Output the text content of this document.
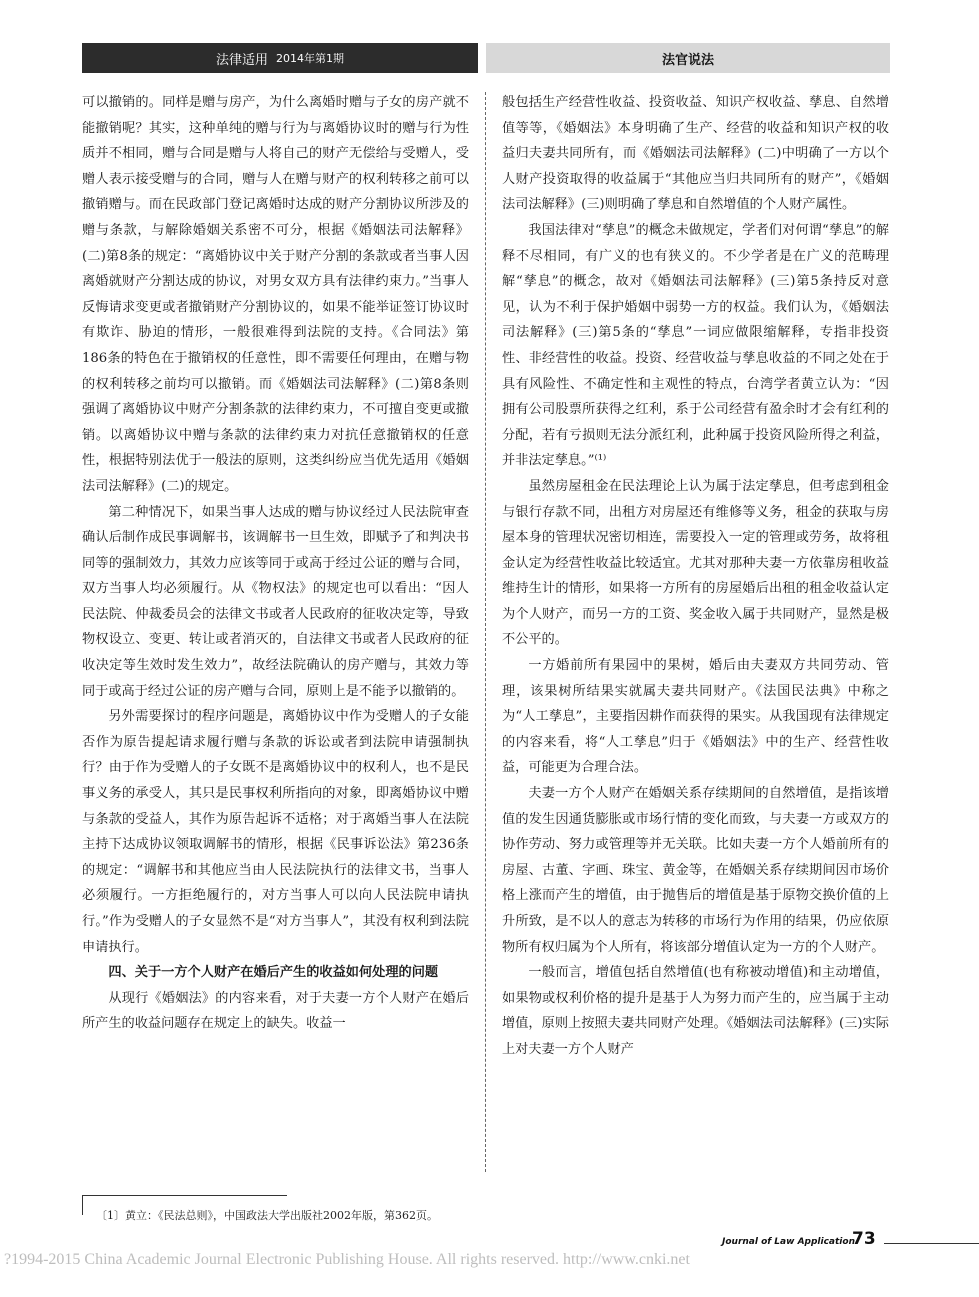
法律适用 2014年第1期	法官说法

可以撤销的。同样是赠与房产，为什么离婚时赠与子女的房产就不能撤销呢？其实，这种单纯的赠与行为与离婚协议时的赠与行为性质并不相同，赠与合同是赠与人将自己的财产无偿给与受赠人，受赠人表示接受赠与的合同，赠与人在赠与财产的权利转移之前可以撤销赠与。而在民政部门登记离婚时达成的财产分割协议所涉及的赠与条款，与解除婚姻关系密不可分，根据《婚姻法司法解释》(二)第8条的规定：“离婚协议中关于财产分割的条款或者当事人因离婚就财产分割达成的协议，对男女双方具有法律约束力。”当事人反悔请求变更或者撤销财产分割协议的，如果不能举证签订协议时有欺诈、胁迫的情形，一般很难得到法院的支持。《合同法》第186条的特色在于撤销权的任意性，即不需要任何理由，在赠与物的权利转移之前均可以撤销。而《婚姻法司法解释》(二)第8条则强调了离婚协议中财产分割条款的法律约束力，不可擅自变更或撤销。以离婚协议中赠与条款的法律约束力对抗任意撤销权的任意性，根据特别法优于一般法的原则，这类纠纷应当优先适用《婚姻法司法解释》(二)的规定。

第二种情况下，如果当事人达成的赠与协议经过人民法院审查确认后制作成民事调解书，该调解书一旦生效，即赋予了和判决书同等的强制效力，其效力应该等同于或高于经过公证的赠与合同，双方当事人均必须履行。从《物权法》的规定也可以看出：“因人民法院、仲裁委员会的法律文书或者人民政府的征收决定等，导致物权设立、变更、转让或者消灭的，自法律文书或者人民政府的征收决定等生效时发生效力”，故经法院确认的房产赠与，其效力等同于或高于经过公证的房产赠与合同，原则上是不能予以撤销的。

另外需要探讨的程序问题是，离婚协议中作为受赠人的子女能否作为原告提起请求履行赠与条款的诉讼或者到法院申请强制执行？由于作为受赠人的子女既不是离婚协议中的权利人，也不是民事义务的承受人，其只是民事权利所指向的对象，即离婚协议中赠与条款的受益人，其作为原告起诉不适格；对于离婚当事人在法院主持下达成协议领取调解书的情形，根据《民事诉讼法》第236条的规定：“调解书和其他应当由人民法院执行的法律文书，当事人必须履行。一方拒绝履行的，对方当事人可以向人民法院申请执行。”作为受赠人的子女显然不是“对方当事人”，其没有权利到法院申请执行。

四、关于一方个人财产在婚后产生的收益如何处理的问题

从现行《婚姻法》的内容来看，对于夫妻一方个人财产在婚后所产生的收益问题存在规定上的缺失。收益一

般包括生产经营性收益、投资收益、知识产权收益、孳息、自然增值等等，《婚姻法》本身明确了生产、经营的收益和知识产权的收益归夫妻共同所有，而《婚姻法司法解释》(二)中明确了一方以个人财产投资取得的收益属于“其他应当归共同所有的财产”，《婚姻法司法解释》(三)则明确了孳息和自然增值的个人财产属性。

我国法律对“孳息”的概念未做规定，学者们对何谓“孳息”的解释不尽相同，有广义的也有狭义的。不少学者是在广义的范畴理解“孳息”的概念，故对《婚姻法司法解释》(三)第5条持反对意见，认为不利于保护婚姻中弱势一方的权益。我们认为，《婚姻法司法解释》(三)第5条的“孳息”一词应做限缩解释，专指非投资性、非经营性的收益。投资、经营收益与孳息收益的不同之处在于具有风险性、不确定性和主观性的特点，台湾学者黄立认为：“因拥有公司股票所获得之红利，系于公司经营有盈余时才会有红利的分配，若有亏损则无法分派红利，此种属于投资风险所得之利益，并非法定孳息。”⁽¹⁾

虽然房屋租金在民法理论上认为属于法定孳息，但考虑到租金与银行存款不同，出租方对房屋还有维修等义务，租金的获取与房屋本身的管理状况密切相连，需要投入一定的管理或劳务，故将租金认定为经营性收益比较适宜。尤其对那种夫妻一方依靠房租收益维持生计的情形，如果将一方所有的房屋婚后出租的租金收益认定为个人财产，而另一方的工资、奖金收入属于共同财产，显然是极不公平的。

一方婚前所有果园中的果树，婚后由夫妻双方共同劳动、管理，该果树所结果实就属夫妻共同财产。《法国民法典》中称之为“人工孳息”，主要指因耕作而获得的果实。从我国现有法律规定的内容来看，将“人工孳息”归于《婚姻法》中的生产、经营性收益，可能更为合理合法。

夫妻一方个人财产在婚姻关系存续期间的自然增值，是指该增值的发生因通货膨胀或市场行情的变化而致，与夫妻一方或双方的协作劳动、努力或管理等并无关联。比如夫妻一方个人婚前所有的房屋、古董、字画、珠宝、黄金等，在婚姻关系存续期间因市场价格上涨而产生的增值，由于抛售后的增值是基于原物交换价值的上升所致，是不以人的意志为转移的市场行为作用的结果，仍应依原物所有权归属为个人所有，将该部分增值认定为一方的个人财产。

一般而言，增值包括自然增值(也有称被动增值)和主动增值，如果物或权利价格的提升是基于人为努力而产生的，应当属于主动增值，原则上按照夫妻共同财产处理。《婚姻法司法解释》(三)实际上对夫妻一方个人财产

〔1〕黄立：《民法总则》，中国政法大学出版社2002年版，第362页。
Journal of Law Application
73
?1994-2015 China Academic Journal Electronic Publishing House. All rights reserved. http://www.cnki.net
